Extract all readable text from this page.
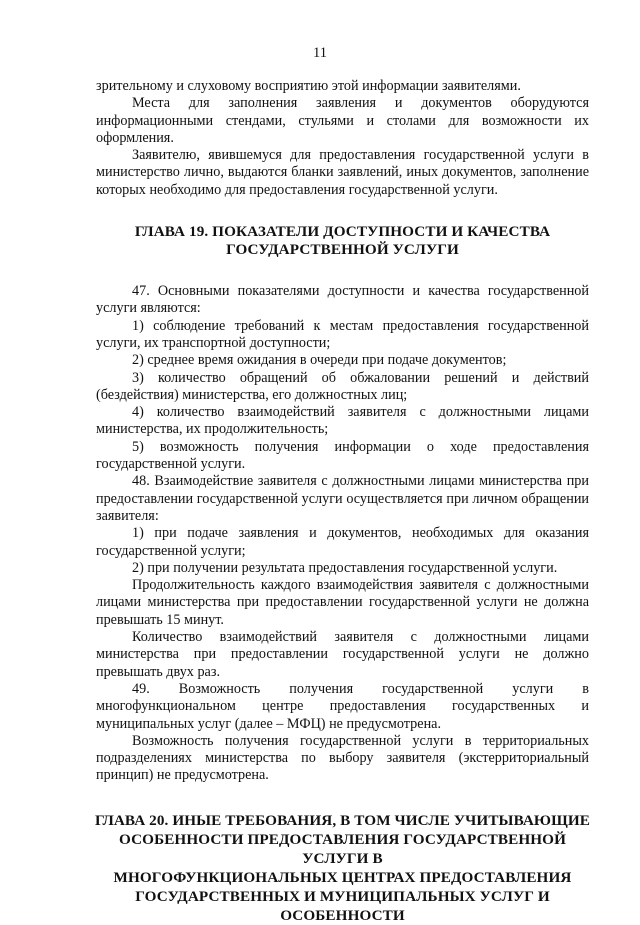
11

зрительному и слуховому восприятию этой информации заявителями.

Места для заполнения заявления и документов оборудуются информационными стендами, стульями и столами для возможности их оформления.

Заявителю, явившемуся для предоставления государственной услуги в министерство лично, выдаются бланки заявлений, иных документов, заполнение которых необходимо для предоставления государственной услуги.

ГЛАВА 19. ПОКАЗАТЕЛИ ДОСТУПНОСТИ И КАЧЕСТВА
ГОСУДАРСТВЕННОЙ УСЛУГИ

47. Основными показателями доступности и качества государственной услуги являются:

1) соблюдение требований к местам предоставления государственной услуги, их транспортной доступности;

2) среднее время ожидания в очереди при подаче документов;

3) количество обращений об обжаловании решений и действий (бездействия) министерства, его должностных лиц;

4) количество взаимодействий заявителя с должностными лицами министерства, их продолжительность;

5) возможность получения информации о ходе предоставления государственной услуги.

48. Взаимодействие заявителя с должностными лицами министерства при предоставлении государственной услуги осуществляется при личном обращении заявителя:

1) при подаче заявления и документов, необходимых для оказания государственной услуги;

2) при получении результата предоставления государственной услуги.

Продолжительность каждого взаимодействия заявителя с должностными лицами министерства при предоставлении государственной услуги не должна превышать 15 минут.

Количество взаимодействий заявителя с должностными лицами министерства при предоставлении государственной услуги не должно превышать двух раз.

49. Возможность получения государственной услуги в многофункциональном центре предоставления государственных и муниципальных услуг (далее – МФЦ) не предусмотрена.

Возможность получения государственной услуги в территориальных подразделениях министерства по выбору заявителя (экстерриториальный принцип) не предусмотрена.

ГЛАВА 20. ИНЫЕ ТРЕБОВАНИЯ, В ТОМ ЧИСЛЕ УЧИТЫВАЮЩИЕ
ОСОБЕННОСТИ ПРЕДОСТАВЛЕНИЯ ГОСУДАРСТВЕННОЙ УСЛУГИ В
МНОГОФУНКЦИОНАЛЬНЫХ ЦЕНТРАХ ПРЕДОСТАВЛЕНИЯ
ГОСУДАРСТВЕННЫХ И МУНИЦИПАЛЬНЫХ УСЛУГ И ОСОБЕННОСТИ
